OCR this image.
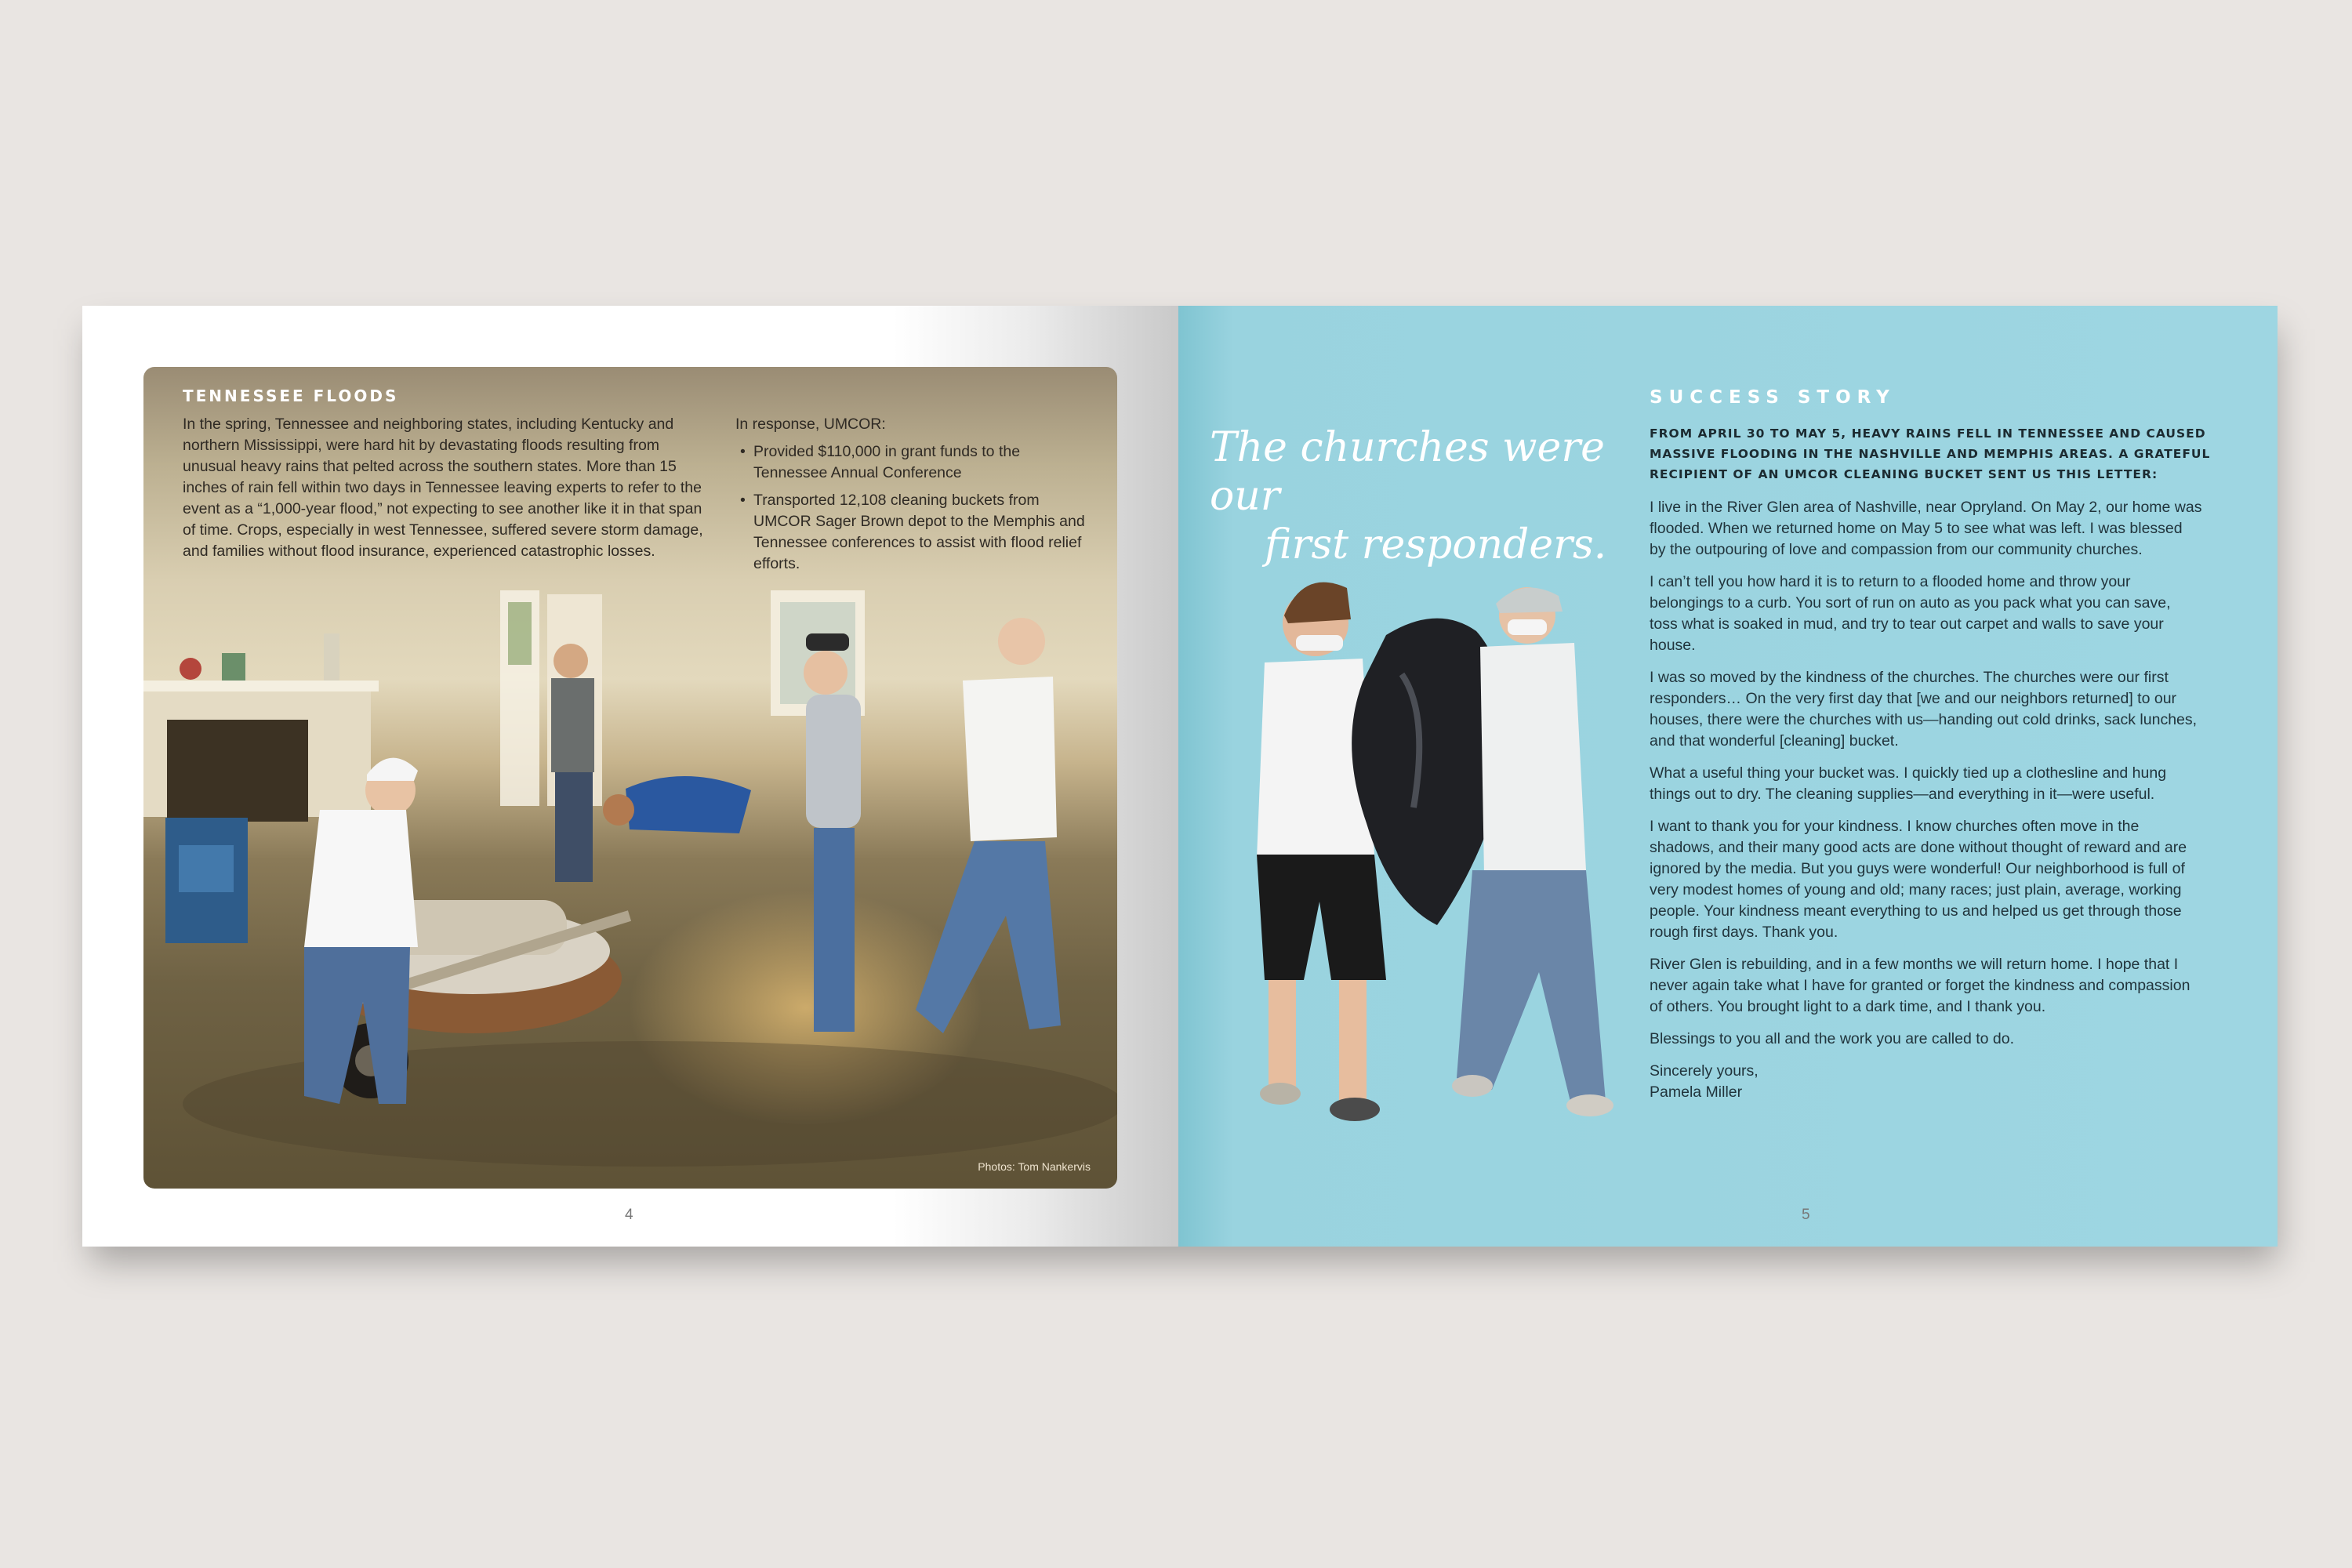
TENNESSEE FLOODS
In the spring, Tennessee and neighboring states, including Kentucky and northern Mississippi, were hard hit by devastating floods resulting from unusual heavy rains that pelted across the southern states. More than 15 inches of rain fell within two days in Tennessee leaving experts to refer to the event as a “1,000-year flood,” not expecting to see another like it in that span of time. Crops, especially in west Tennessee, suffered severe storm damage, and families without flood insurance, experienced catastrophic losses.
In response, UMCOR:
• Provided $110,000 in grant funds to the Tennessee Annual Conference
• Transported 12,108 cleaning buckets from UMCOR Sager Brown depot to the Memphis and Tennessee conferences to assist with flood relief efforts.
Photos: Tom Nankervis
4
The churches were our
first responders.
SUCCESS STORY
FROM APRIL 30 TO MAY 5, HEAVY RAINS FELL IN TENNESSEE AND CAUSED MASSIVE FLOODING IN THE NASHVILLE AND MEMPHIS AREAS. A GRATEFUL RECIPIENT OF AN UMCOR CLEANING BUCKET SENT US THIS LETTER:

I live in the River Glen area of Nashville, near Opryland. On May 2, our home was flooded. When we returned home on May 5 to see what was left. I was blessed by the outpouring of love and compassion from our community churches.

I can’t tell you how hard it is to return to a flooded home and throw your belongings to a curb. You sort of run on auto as you pack what you can save, toss what is soaked in mud, and try to tear out carpet and walls to save your house.

I was so moved by the kindness of the churches. The churches were our first responders… On the very first day that [we and our neighbors returned] to our houses, there were the churches with us—handing out cold drinks, sack lunches, and that wonderful [cleaning] bucket.

What a useful thing your bucket was. I quickly tied up a clothesline and hung things out to dry. The cleaning supplies—and everything in it—were useful.

I want to thank you for your kindness. I know churches often move in the shadows, and their many good acts are done without thought of reward and are ignored by the media. But you guys were wonderful! Our neighborhood is full of very modest homes of young and old; many races; just plain, average, working people. Your kindness meant everything to us and helped us get through those rough first days. Thank you.

River Glen is rebuilding, and in a few months we will return home. I hope that I never again take what I have for granted or forget the kindness and compassion of others. You brought light to a dark time, and I thank you.

Blessings to you all and the work you are called to do.

Sincerely yours,
Pamela Miller
5
